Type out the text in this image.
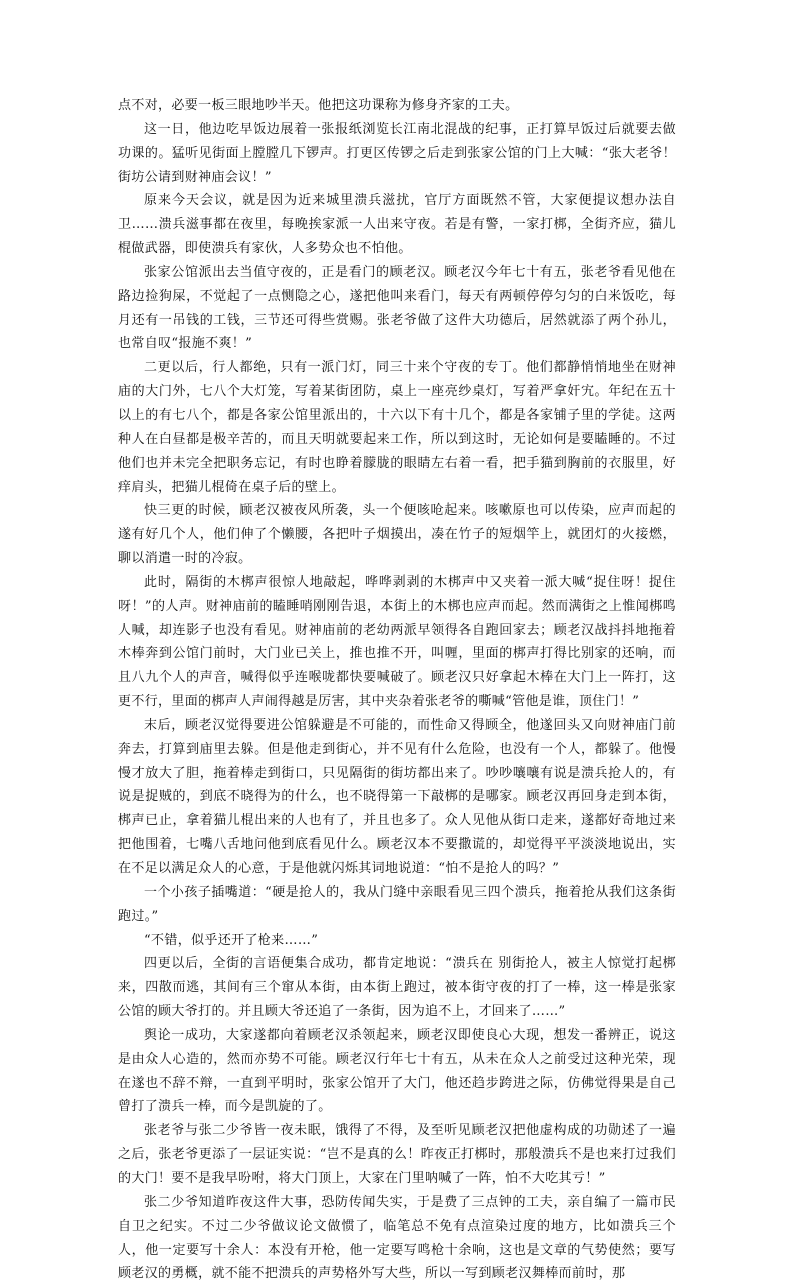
点不对，必要一板三眼地吵半天。他把这功课称为修身齐家的工夫。

这一日，他边吃早饭边展着一张报纸浏览长江南北混战的纪事，正打算早饭过后就要去做功课的。猛听见街面上膛膛几下锣声。打更区传锣之后走到张家公馆的门上大喊：“张大老爷！街坊公请到财神庙会议！”

原来今天会议，就是因为近来城里溃兵滋扰，官厅方面既然不管，大家便提议想办法自卫……溃兵滋事都在夜里，每晚挨家派一人出来守夜。若是有警，一家打梆，全街齐应，猫儿棍做武器，即使溃兵有家伙，人多势众也不怕他。

张家公馆派出去当值守夜的，正是看门的顾老汉。顾老汉今年七十有五，张老爷看见他在路边捡狗屎，不觉起了一点恻隐之心，遂把他叫来看门，每天有两顿停停匀匀的白米饭吃，每月还有一吊钱的工钱，三节还可得些赏赐。张老爷做了这件大功德后，居然就添了两个孙儿，也常自叹“报施不爽！”

二更以后，行人都绝，只有一派门灯，同三十来个守夜的专丁。他们都静悄悄地坐在财神庙的大门外，七八个大灯笼，写着某街团防，桌上一座亮纱桌灯，写着严拿奸宄。年纪在五十以上的有七八个，都是各家公馆里派出的，十六以下有十几个，都是各家铺子里的学徒。这两种人在白昼都是极辛苦的，而且天明就要起来工作，所以到这时，无论如何是要瞌睡的。不过他们也并未完全把职务忘记，有时也睁着朦胧的眼睛左右着一看，把手猫到胸前的衣服里，好痒肩头，把猫儿棍倚在桌子后的壁上。

快三更的时候，顾老汉被夜风所袭，头一个便咳呛起来。咳嗽原也可以传染，应声而起的遂有好几个人，他们伸了个懒腰，各把叶子烟摸出，凑在竹子的短烟竿上，就团灯的火接燃，聊以消遣一时的冷寂。

此时，隔街的木梆声很惊人地敲起，哗哗剥剥的木梆声中又夹着一派大喊“捉住呀！捉住呀！”的人声。财神庙前的瞌睡哨刚刚告退，本街上的木梆也应声而起。然而满街之上惟闻梆鸣人喊，却连影子也没有看见。财神庙前的老幼两派早领得各自跑回家去；顾老汉战抖抖地拖着木棒奔到公馆门前时，大门业已关上，推也推不开，叫喱，里面的梆声打得比别家的还响，而且八九个人的声音，喊得似乎连喉咙都快要喊破了。顾老汉只好拿起木棒在大门上一阵打，这更不行，里面的梆声人声闹得越是厉害，其中夹杂着张老爷的嘶喊“管他是谁，顶住门！”

末后，顾老汉觉得要进公馆躲避是不可能的，而性命又得顾全，他遂回头又向财神庙门前奔去，打算到庙里去躲。但是他走到街心，并不见有什么危险，也没有一个人，都躲了。他慢慢才放大了胆，拖着棒走到街口，只见隔街的街坊都出来了。吵吵嚷嚷有说是溃兵抢人的，有说是捉贼的，到底不晓得为的什么，也不晓得第一下敲梆的是哪家。顾老汉再回身走到本街，梆声已止，拿着猫儿棍出来的人也有了，并且也多了。众人见他从街口走来，遂都好奇地过来把他围着，七嘴八舌地问他到底看见什么。顾老汉本不要撒谎的，却觉得平平淡淡地说出，实在不足以满足众人的心意，于是他就闪烁其词地说道：“怕不是抢人的吗？”

一个小孩子插嘴道：“硬是抢人的，我从门缝中亲眼看见三四个溃兵，拖着抢从我们这条街跑过。”

“不错，似乎还开了枪来……”

四更以后，全街的言语便集合成功，都肯定地说：“溃兵在 别街抢人，被主人惊觉打起梆来，四散而逃，其间有三个窜从本街，由本街上跑过，被本街守夜的打了一棒，这一棒是张家公馆的顾大爷打的。并且顾大爷还追了一条街，因为追不上，才回来了……”

舆论一成功，大家遂都向着顾老汉杀领起来，顾老汉即使良心大现，想发一番辨正，说这是由众人心造的，然而亦势不可能。顾老汉行年七十有五，从未在众人之前受过这种光荣，现在遂也不辞不辩，一直到平明时，张家公馆开了大门，他还趋步跨进之际，仿佛觉得果是自己曾打了溃兵一棒，而今是凯旋的了。

张老爷与张二少爷皆一夜未眠，饿得了不得，及至听见顾老汉把他虚构成的功勋述了一遍之后，张老爷更添了一层证实说：“岂不是真的么！昨夜正打梆时，那般溃兵不是也来打过我们的大门！要不是我早吩咐，将大门顶上，大家在门里呐喊了一阵，怕不大吃其亏！”

张二少爷知道昨夜这件大事，恐防传闻失实，于是费了三点钟的工夫，亲自编了一篇市民自卫之纪实。不过二少爷做议论文做惯了，临笔总不免有点渲染过度的地方，比如溃兵三个人，他一定要写十余人：本没有开枪，他一定要写鸣枪十余响，这也是文章的气势使然；要写顾老汉的勇概，就不能不把溃兵的声势格外写大些，所以一写到顾老汉舞棒而前时，那
